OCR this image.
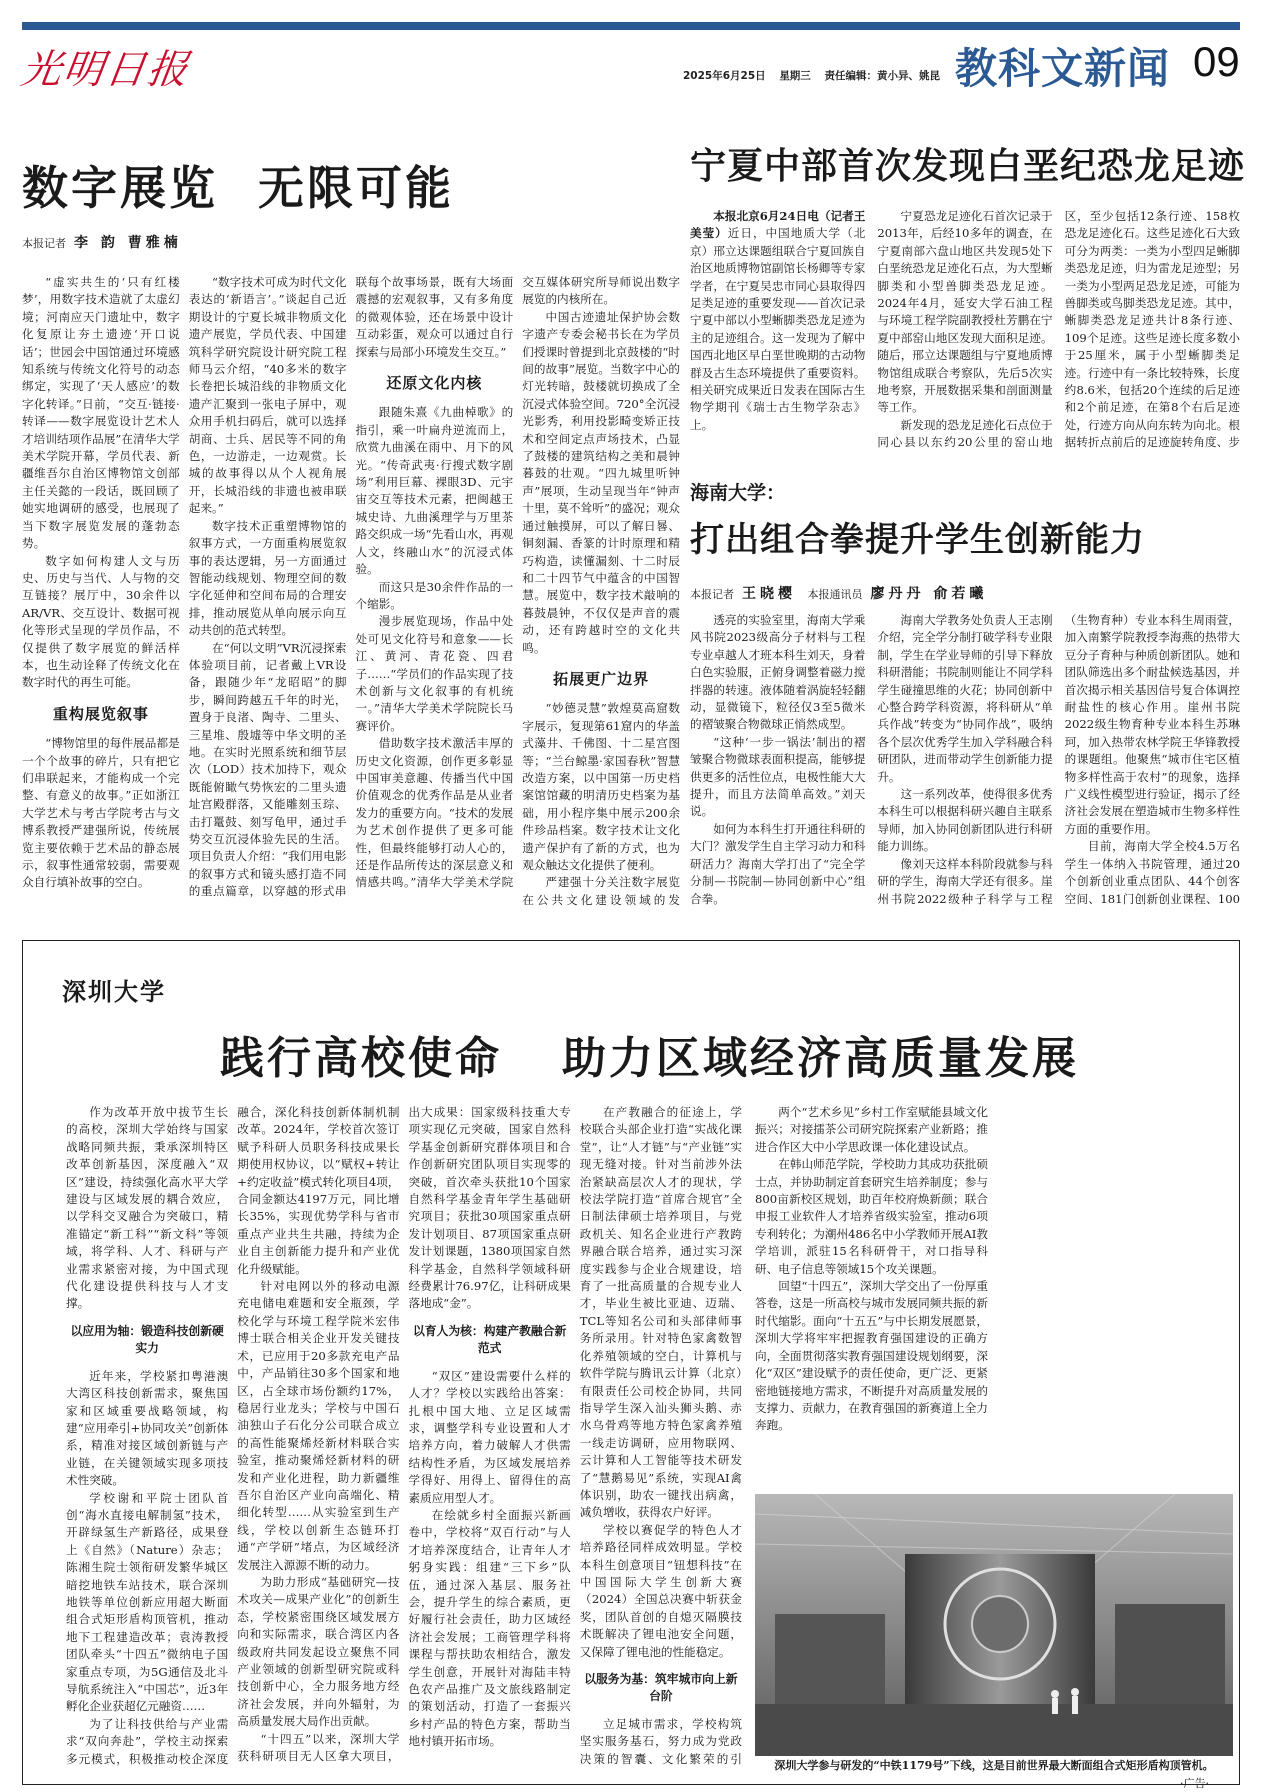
光明日报	2025年6月25日 星期三 责任编辑：黄小异、姚昆 教科文新闻 09
数字展览 无限可能
本报记者 李 韵 曹雅楠

“虚实共生的‘只有红楼梦’，用数字技术造就了太虚幻境；河南应天门遗址中，数字化复原让夯土遗迹‘开口说话’；世园会中国馆通过环境感知系统与传统文化符号的动态绑定，实现了‘天人感应’的数字化转译。”日前，“交互·链接·转译——数字展览设计艺术人才培训结项作品展”在清华大学美术学院开幕，学员代表、新疆维吾尔自治区博物馆文创部主任关懿的一段话，既回顾了她实地调研的感受，也展现了当下数字展览发展的蓬勃态势。

数字如何构建人文与历史、历史与当代、人与物的交互链接？展厅中，30余件以AR/VR、交互设计、数据可视化等形式呈现的学员作品，不仅提供了数字展览的鲜活样本，也生动诠释了传统文化在数字时代的再生可能。

重构展览叙事

“博物馆里的每件展品都是一个个故事的碎片，只有把它们串联起来，才能构成一个完整、有意义的故事。”正如浙江大学艺术与考古学院考古与文博系教授严建强所说，传统展览主要依赖于艺术品的静态展示，叙事性通常较弱，需要观众自行填补故事的空白。

“数字技术可成为时代文化表达的‘新语言’。”谈起自己近期设计的宁夏长城非物质文化遗产展览，学员代表、中国建筑科学研究院设计研究院工程师马云介绍，“40多米的数字长卷把长城沿线的非物质文化遗产汇聚到一张电子屏中，观众用手机扫码后，就可以选择胡商、士兵、居民等不同的角色，一边游走，一边观赏。长城的故事得以从个人视角展开，长城沿线的非遗也被串联起来。”

数字技术正重塑博物馆的叙事方式，一方面重构展览叙事的表达逻辑，另一方面通过智能动线规划、物理空间的数字化延伸和空间布局的合理安排，推动展览从单向展示向互动共创的范式转型。

在“何以文明”VR沉浸探索体验项目前，记者戴上VR设备，跟随少年“龙昭昭”的脚步，瞬间跨越五千年的时光，置身于良渚、陶寺、二里头、三星堆、殷墟等中华文明的圣地。在实时光照系统和细节层次（LOD）技术加持下，观众既能俯瞰气势恢宏的二里头遗址宫殿群落，又能雕刻玉琮、击打鼍鼓、刻写龟甲，通过手势交互沉浸体验先民的生活。项目负责人介绍：“我们用电影的叙事方式和镜头感打造不同的重点篇章，以穿越的形式串联每个故事场景，既有大场面震撼的宏观叙事，又有多角度的微观体验，还在场景中设计互动彩蛋，观众可以通过自行探索与局部小环境发生交互。”

还原文化内核

跟随朱熹《九曲棹歌》的指引，乘一叶扁舟逆流而上，欣赏九曲溪在雨中、月下的风光。“传奇武夷·行搜式数字剧场”利用巨幕、裸眼3D、元宇宙交互等技术元素，把闽越王城史诗、九曲溪理学与万里茶路交织成一场“先看山水，再观人文，终融山水”的沉浸式体验。

而这只是30余件作品的一个缩影。

漫步展览现场，作品中处处可见文化符号和意象——长江、黄河、青花瓷、四君子……“学员们的作品实现了技术创新与文化叙事的有机统一。”清华大学美术学院院长马赛评价。

借助数字技术激活丰厚的历史文化资源，创作更多彰显中国审美意趣、传播当代中国价值观念的优秀作品是从业者发力的重要方向。“技术的发展为艺术创作提供了更多可能性，但最终能够打动人心的，还是作品所传达的深层意义和情感共鸣。”清华大学美术学院交互媒体研究所导师说出数字展览的内核所在。

中国古迹遗址保护协会数字遗产专委会秘书长在为学员们授课时曾提到北京鼓楼的“时间的故事”展览。当数字中心的灯光转暗，鼓楼就切换成了全沉浸式体验空间。720°全沉浸光影秀，利用投影畸变矫正技术和空间定点声场技术，凸显了鼓楼的建筑结构之美和晨钟暮鼓的壮观。“四九城里听钟声”展项，生动呈现当年“钟声十里，莫不耸听”的盛况；观众通过触摸屏，可以了解日晷、铜刻漏、香篆的计时原理和精巧构造，读懂漏刻、十二时辰和二十四节气中蕴含的中国智慧。展览中，数字技术敲响的暮鼓晨钟，不仅仅是声音的震动，还有跨越时空的文化共鸣。

拓展更广边界

“妙德灵慧”敦煌莫高窟数字展示，复现第61窟内的华盖式藻井、千佛图、十二星宫图等；“兰台鲸墨·家国春秋”智慧改造方案，以中国第一历史档案馆馆藏的明清历史档案为基础，用小程序集中展示200余件珍品档案。数字技术让文化遗产保护有了新的方式，也为观众触达文化提供了便利。

严建强十分关注数字展览在公共文化建设领域的发

宁夏中部首次发现白垩纪恐龙足迹

本报北京6月24日电（记者王美莹）近日，中国地质大学（北京）邢立达课题组联合宁夏回族自治区地质博物馆副馆长杨卿等专家学者，在宁夏吴忠市同心县取得四足类足迹的重要发现——首次记录宁夏中部以小型蜥脚类恐龙足迹为主的足迹组合。这一发现为了解中国西北地区早白垩世晚期的古动物群及古生态环境提供了重要资料。相关研究成果近日发表在国际古生物学期刊《瑞士古生物学杂志》上。

宁夏恐龙足迹化石首次记录于2013年，后经10多年的调查，在宁夏南部六盘山地区共发现5处下白垩统恐龙足迹化石点，为大型蜥脚类和小型兽脚类恐龙足迹。2024年4月，延安大学石油工程与环境工程学院副教授杜芳鹏在宁夏中部窑山地区发现大面积足迹。随后，邢立达课题组与宁夏地质博物馆组成联合考察队，先后5次实地考察，开展数据采集和剖面测量等工作。

新发现的恐龙足迹化石点位于同心县以东约20公里的窑山地区，至少包括12条行迹、158枚恐龙足迹化石。这些足迹化石大致可分为两类：一类为小型四足蜥脚类恐龙足迹，归为雷龙足迹型；另一类为小型两足恐龙足迹，可能为兽脚类或鸟脚类恐龙足迹。其中，蜥脚类恐龙足迹共计8条行迹、109个足迹。这些足迹长度多数小于25厘米，属于小型蜥脚类足迹。行迹中有一条比较特殊，长度约8.6米，包括20个连续的后足迹和2个前足迹，在第8个右后足迹处，行迹方向从向东转为向北。根据转折点前后的足迹旋转角度、步

海南大学：
打出组合拳提升学生创新能力
本报记者 王晓樱 本报通讯员 廖丹丹 俞若曦

透亮的实验室里，海南大学乘风书院2023级高分子材料与工程专业卓越人才班本科生刘天，身着白色实验服，正俯身调整着磁力搅拌器的转速。液体随着涡旋轻轻翻动，显微镜下，粒径仅3至5微米的褶皱聚合物微球正悄然成型。

“这种‘一步一锅法’制出的褶皱聚合物微球表面积提高，能够提供更多的活性位点，电极性能大大提升，而且方法简单高效。”刘天说。

如何为本科生打开通往科研的大门？激发学生自主学习动力和科研活力？海南大学打出了“完全学分制—书院制—协同创新中心”组合拳。

海南大学教务处负责人王志刚介绍，完全学分制打破学科专业限制，学生在学业导师的引导下释放科研潜能；书院制则能让不同学科学生碰撞思维的火花；协同创新中心整合跨学科资源，将科研从“单兵作战”转变为“协同作战”，吸纳各个层次优秀学生加入学科融合科研团队，进而带动学生创新能力提升。

这一系列改革，使得很多优秀本科生可以根据科研兴趣自主联系导师，加入协同创新团队进行科研能力训练。

像刘天这样本科阶段就参与科研的学生，海南大学还有很多。崖州书院2022级种子科学与工程（生物育种）专业本科生周雨萱，加入南繁学院教授李海燕的热带大豆分子育种与种质创新团队。她和团队筛选出多个耐盐候选基因，并首次揭示相关基因信号复合体调控耐盐性的核心作用。崖州书院2022级生物育种专业本科生苏琳珂，加入热带农林学院王华锋教授的课题组。他聚焦“城市住宅区植物多样性高于农村”的现象，选择广义线性模型进行验证，揭示了经济社会发展在塑造城市生物多样性方面的重要作用。

目前，海南大学全校4.5万名学生一体纳入书院管理，通过20个创新创业重点团队、44个创客空间、181门创新创业课程、100

深圳大学
践行高校使命 助力区域经济高质量发展

作为改革开放中拔节生长的高校，深圳大学始终与国家战略同频共振，秉承深圳特区改革创新基因，深度融入“双区”建设，持续强化高水平大学建设与区域发展的耦合效应，以学科交叉融合为突破口，精准锚定“新工科”“新文科”等领域，将学科、人才、科研与产业需求紧密对接，为中国式现代化建设提供科技与人才支撑。

以应用为轴：锻造科技创新硬实力

近年来，学校紧扣粤港澳大湾区科技创新需求，聚焦国家和区域重要战略领域，构建“应用牵引+协同攻关”创新体系，精准对接区域创新链与产业链，在关键领域实现多项技术性突破。

学校谢和平院士团队首创“海水直接电解制氢”技术，开辟绿氢生产新路径，成果登上《自然》（Nature）杂志；陈湘生院士领衔研发繁华城区暗挖地铁车站技术，联合深圳地铁等单位创新应用超大断面组合式矩形盾构顶管机，推动地下工程建造改革；袁涛教授团队牵头“十四五”微纳电子国家重点专项，为5G通信及北斗导航系统注入“中国芯”，近3年孵化企业获超亿元融资……

为了让科技供给与产业需求“双向奔赴”，学校主动探索多元模式，积极推动校企深度融合，深化科技创新体制机制改革。2024年，学校首次签订赋予科研人员职务科技成果长期使用权协议，以“赋权+转让+约定收益”模式转化项目4项，合同金额达4197万元，同比增长35%，实现优势学科与省市重点产业共生共融，持续为企业自主创新能力提升和产业优化升级赋能。

针对电网以外的移动电源充电储电难题和安全瓶颈，学校化学与环境工程学院米宏伟博士联合相关企业开发关键技术，已应用于20多款充电产品中，产品销往30多个国家和地区，占全球市场份额约17%，稳居行业龙头；学校与中国石油独山子石化分公司联合成立的高性能聚烯烃新材料联合实验室，推动聚烯烃新材料的研发和产业化进程，助力新疆维吾尔自治区产业向高端化、精细化转型……从实验室到生产线，学校以创新生态链环打通“产学研”堵点，为区域经济发展注入源源不断的动力。

为助力形成“基础研究—技术攻关—成果产业化”的创新生态，学校紧密围绕区域发展方向和实际需求，联合湾区内各级政府共同发起设立聚焦不同产业领域的创新型研究院或科技创新中心，全力服务地方经济社会发展，并向外辐射，为高质量发展大局作出贡献。

“十四五”以来，深圳大学获科研项目无人区拿大项目，出大成果：国家级科技重大专项实现亿元突破，国家自然科学基金创新研究群体项目和合作创新研究团队项目实现零的突破，首次牵头获批10个国家自然科学基金青年学生基础研究项目；获批30项国家重点研发计划项目、87项国家重点研发计划课题，1380项国家自然科学基金，自然科学领域科研经费累计76.97亿，让科研成果落地成“金”。

以育人为核：构建产教融合新范式

“双区”建设需要什么样的人才？学校以实践给出答案：扎根中国大地、立足区域需求，调整学科专业设置和人才培养方向，着力破解人才供需结构性矛盾，为区域发展培养学得好、用得上、留得住的高素质应用型人才。

在绘就乡村全面振兴新画卷中，学校将“双百行动”与人才培养深度结合，让青年人才躬身实践：组建“三下乡”队伍，通过深入基层、服务社会，提升学生的综合素质，更好履行社会责任，助力区域经济社会发展；工商管理学科将课程与帮扶助农相结合，激发学生创意，开展针对海陆丰特色农产品推广及文旅线路制定的策划活动，打造了一套振兴乡村产品的特色方案，帮助当地村镇开拓市场。

在产教融合的征途上，学校联合头部企业打造“实战化课堂”，让“人才链”与“产业链”实现无缝对接。针对当前涉外法治紧缺高层次人才的现状，学校法学院打造“首席合规官”全日制法律硕士培养项目，与党政机关、知名企业进行产教跨界融合联合培养，通过实习深度实践参与企业合规建设，培育了一批高质量的合规专业人才，毕业生被比亚迪、迈瑞、TCL等知名公司和头部律师事务所录用。针对特色家禽数智化养殖领域的空白，计算机与软件学院与腾讯云计算（北京）有限责任公司校企协同，共同指导学生深入汕头狮头鹅、赤水乌骨鸡等地方特色家禽养殖一线走访调研，应用物联网、云计算和人工智能等技术研发了“慧鹅易见”系统，实现AI禽体识别，助农一键找出病禽，减负增收，获得农户好评。

学校以赛促学的特色人才培养路径同样成效明显。学校本科生创意项目“钮想科技”在中国国际大学生创新大赛（2024）全国总决赛中斩获金奖，团队首创的自熄灭隔膜技术既解决了锂电池安全问题，又保障了锂电池的性能稳定。

以服务为基：筑牢城市向上新台阶

立足城市需求，学校构筑坚实服务基石，努力成为党政决策的智囊、文化繁荣的引

两个“艺术乡见”乡村工作室赋能县域文化振兴；对接擂茶公司研究院探索产业新路；推进合作区大中小学思政课一体化建设试点。

在韩山师范学院，学校助力其成功获批硕士点，并协助制定首套研究生培养制度；参与800亩新校区规划，助百年校府焕新颜；联合申报工业软件人才培养省级实验室，推动6项专利转化；为潮州486名中小学教师开展AI教学培训，派驻15名科研骨干，对口指导科研、电子信息等领域15个攻关课题。

回望“十四五”，深圳大学交出了一份厚重答卷，这是一所高校与城市发展同频共振的新时代缩影。面向“十五五”与中长期发展愿景，深圳大学将牢牢把握教育强国建设的正确方向，全面贯彻落实教育强国建设规划纲要，深化“双区”建设赋予的责任使命，更广泛、更紧密地链接地方需求，不断提升对高质量发展的支撑力、贡献力，在教育强国的新赛道上全力奔跑。

深圳大学参与研发的“中铁1179号”下线，这是目前世界最大断面组合式矩形盾构顶管机。
·广告·
